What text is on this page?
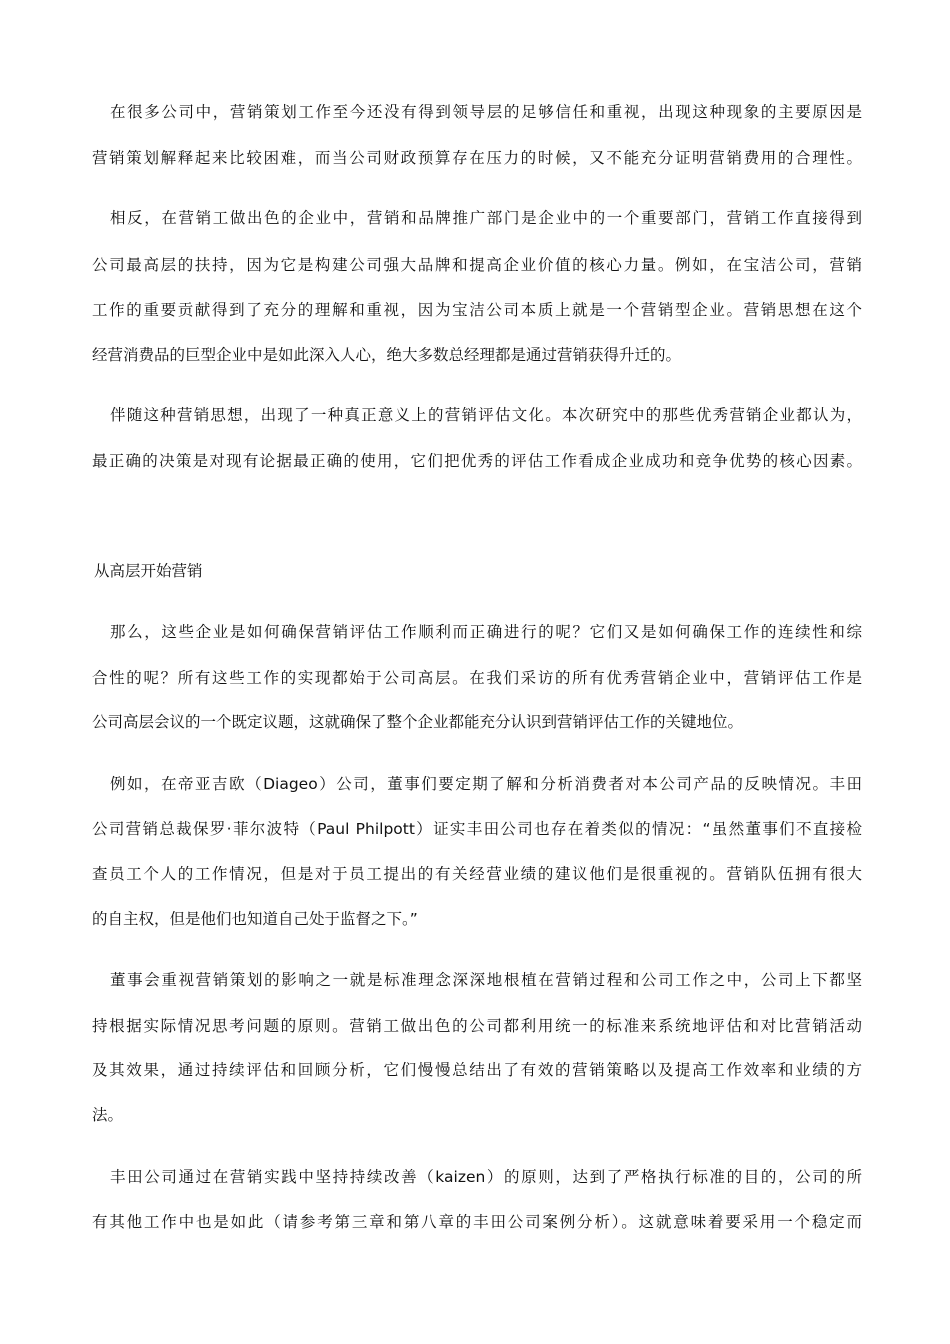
在很多公司中，营销策划工作至今还没有得到领导层的足够信任和重视，出现这种现象的主要原因是
营销策划解释起来比较困难，而当公司财政预算存在压力的时候，又不能充分证明营销费用的合理性。
相反，在营销工做出色的企业中，营销和品牌推广部门是企业中的一个重要部门，营销工作直接得到
公司最高层的扶持，因为它是构建公司强大品牌和提高企业价值的核心力量。例如，在宝洁公司，营销
工作的重要贡献得到了充分的理解和重视，因为宝洁公司本质上就是一个营销型企业。营销思想在这个
经营消费品的巨型企业中是如此深入人心，绝大多数总经理都是通过营销获得升迁的。
伴随这种营销思想，出现了一种真正意义上的营销评估文化。本次研究中的那些优秀营销企业都认为，
最正确的决策是对现有论据最正确的使用，它们把优秀的评估工作看成企业成功和竞争优势的核心因素。
从高层开始营销
那么，这些企业是如何确保营销评估工作顺利而正确进行的呢？它们又是如何确保工作的连续性和综
合性的呢？所有这些工作的实现都始于公司高层。在我们采访的所有优秀营销企业中，营销评估工作是
公司高层会议的一个既定议题，这就确保了整个企业都能充分认识到营销评估工作的关键地位。
例如，在帝亚吉欧（Diageo）公司，董事们要定期了解和分析消费者对本公司产品的反映情况。丰田
公司营销总裁保罗·菲尔波特（Paul Philpott）证实丰田公司也存在着类似的情况：“虽然董事们不直接检
查员工个人的工作情况，但是对于员工提出的有关经营业绩的建议他们是很重视的。营销队伍拥有很大
的自主权，但是他们也知道自己处于监督之下。”
董事会重视营销策划的影响之一就是标准理念深深地根植在营销过程和公司工作之中，公司上下都坚
持根据实际情况思考问题的原则。营销工做出色的公司都利用统一的标准来系统地评估和对比营销活动
及其效果，通过持续评估和回顾分析，它们慢慢总结出了有效的营销策略以及提高工作效率和业绩的方
法。
丰田公司通过在营销实践中坚持持续改善（kaizen）的原则，达到了严格执行标准的目的，公司的所
有其他工作中也是如此（请参考第三章和第八章的丰田公司案例分析）。这就意味着要采用一个稳定而
